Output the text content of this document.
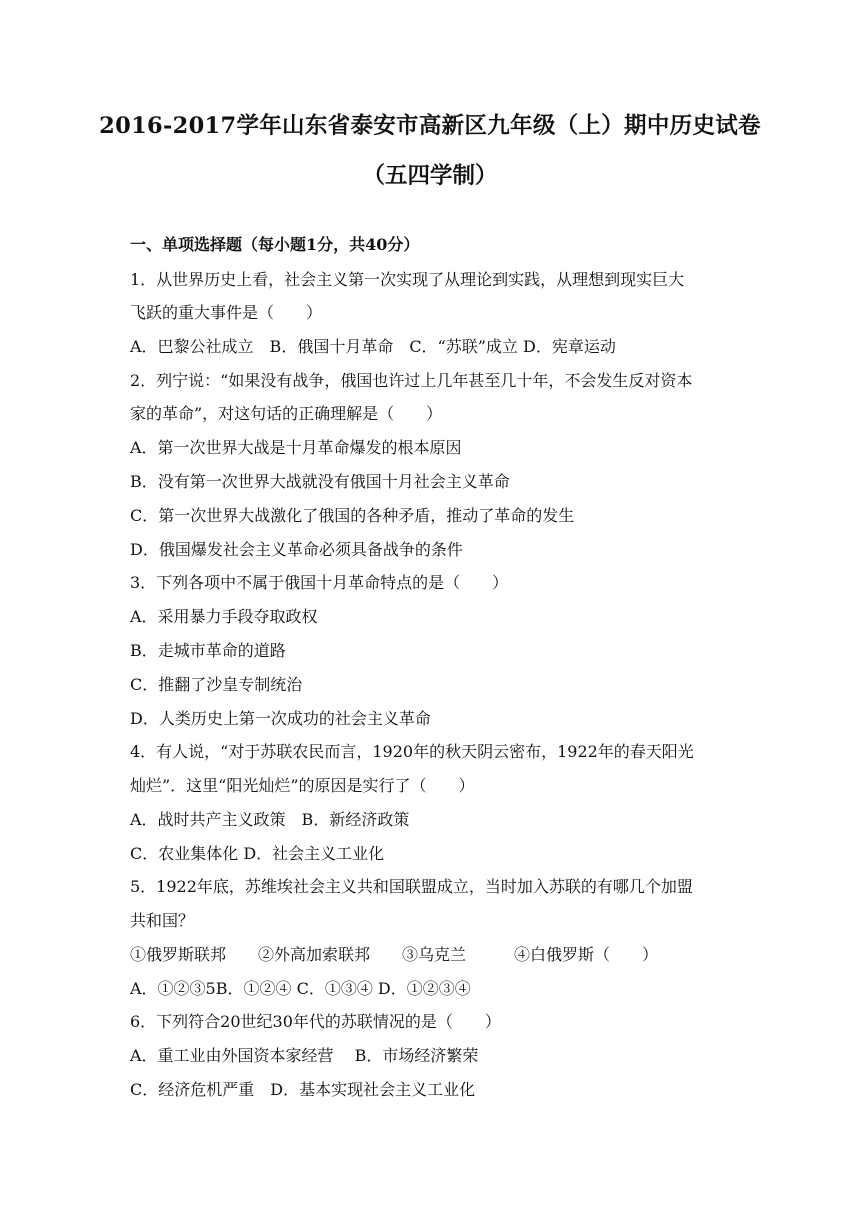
2016-2017学年山东省泰安市高新区九年级（上）期中历史试卷
（五四学制）
一、单项选择题（每小题1分，共40分）
1．从世界历史上看，社会主义第一次实现了从理论到实践，从理想到现实巨大
飞跃的重大事件是（　　）
A．巴黎公社成立　B．俄国十月革命　C．“苏联”成立 D．宪章运动
2．列宁说：“如果没有战争，俄国也许过上几年甚至几十年，不会发生反对资本
家的革命”，对这句话的正确理解是（　　）
A．第一次世界大战是十月革命爆发的根本原因
B．没有第一次世界大战就没有俄国十月社会主义革命
C．第一次世界大战激化了俄国的各种矛盾，推动了革命的发生
D．俄国爆发社会主义革命必须具备战争的条件
3．下列各项中不属于俄国十月革命特点的是（　　）
A．采用暴力手段夺取政权
B．走城市革命的道路
C．推翻了沙皇专制统治
D．人类历史上第一次成功的社会主义革命
4．有人说，“对于苏联农民而言，1920年的秋天阴云密布，1922年的春天阳光
灿烂”．这里“阳光灿烂”的原因是实行了（　　）
A．战时共产主义政策　B．新经济政策
C．农业集体化 D．社会主义工业化
5．1922年底，苏维埃社会主义共和国联盟成立，当时加入苏联的有哪几个加盟
共和国？
①俄罗斯联邦　　②外高加索联邦　　③乌克兰　　　④白俄罗斯（　　）
A．①②③5B．①②④ C．①③④ D．①②③④
6．下列符合20世纪30年代的苏联情况的是（　　）
A．重工业由外国资本家经营　 B．市场经济繁荣
C．经济危机严重　D．基本实现社会主义工业化
